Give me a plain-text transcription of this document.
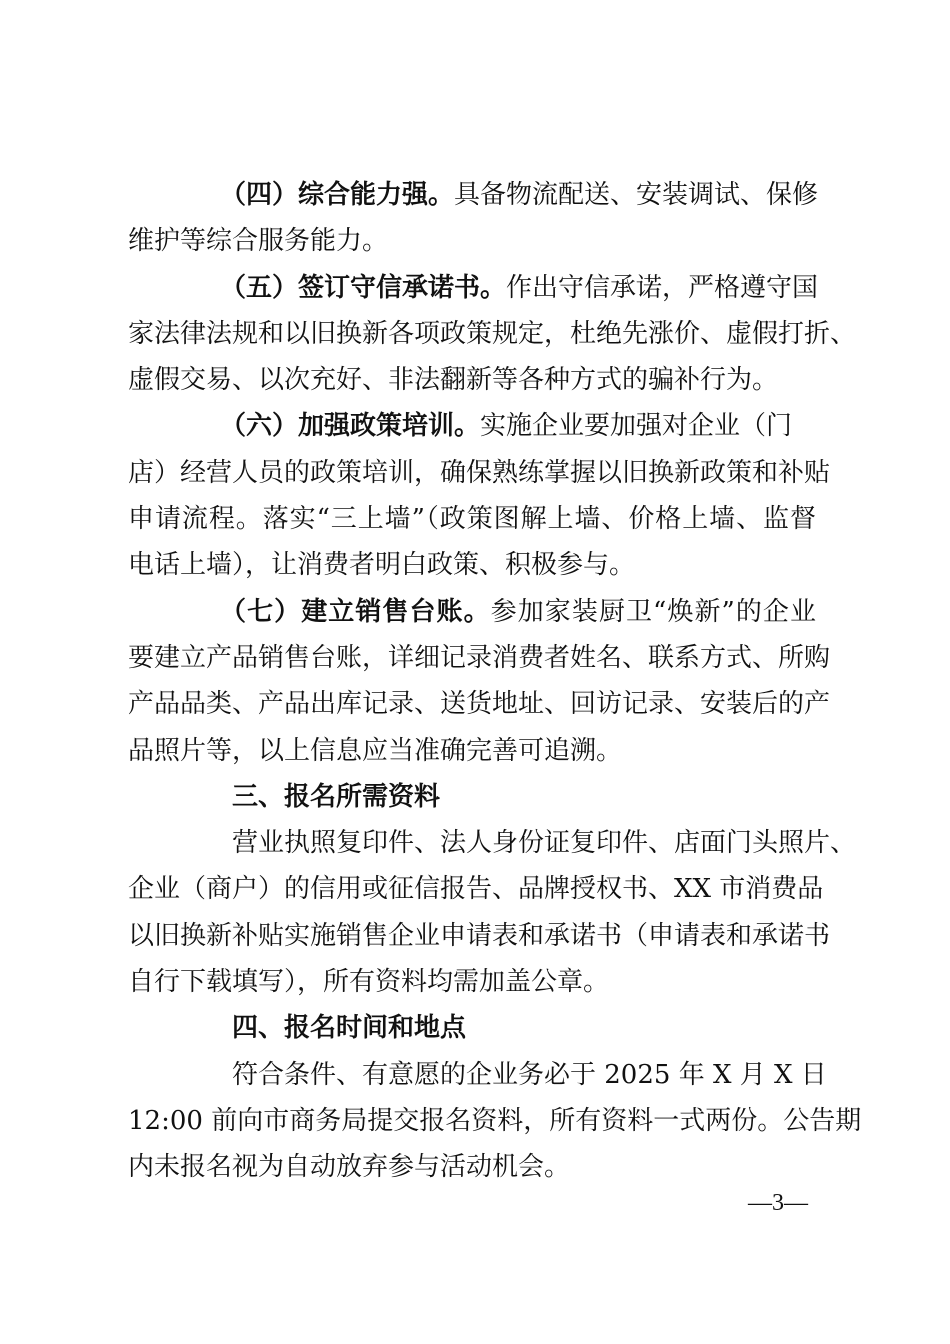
（四）综合能力强。具备物流配送、安装调试、保修
维护等综合服务能力。
（五）签订守信承诺书。作出守信承诺，严格遵守国
家法律法规和以旧换新各项政策规定，杜绝先涨价、虚假打折、
虚假交易、以次充好、非法翻新等各种方式的骗补行为。
（六）加强政策培训。实施企业要加强对企业（门
店）经营人员的政策培训，确保熟练掌握以旧换新政策和补贴
申请流程。落实“三上墙”（政策图解上墙、价格上墙、监督
电话上墙），让消费者明白政策、积极参与。
（七）建立销售台账。参加家装厨卫“焕新”的企业
要建立产品销售台账，详细记录消费者姓名、联系方式、所购
产品品类、产品出库记录、送货地址、回访记录、安装后的产
品照片等，以上信息应当准确完善可追溯。
三、报名所需资料
营业执照复印件、法人身份证复印件、店面门头照片、
企业（商户）的信用或征信报告、品牌授权书、XX 市消费品
以旧换新补贴实施销售企业申请表和承诺书（申请表和承诺书
自行下载填写），所有资料均需加盖公章。
四、报名时间和地点
符合条件、有意愿的企业务必于 2025 年 X 月 X 日
12:00 前向市商务局提交报名资料，所有资料一式两份。公告期
内未报名视为自动放弃参与活动机会。
—3—
